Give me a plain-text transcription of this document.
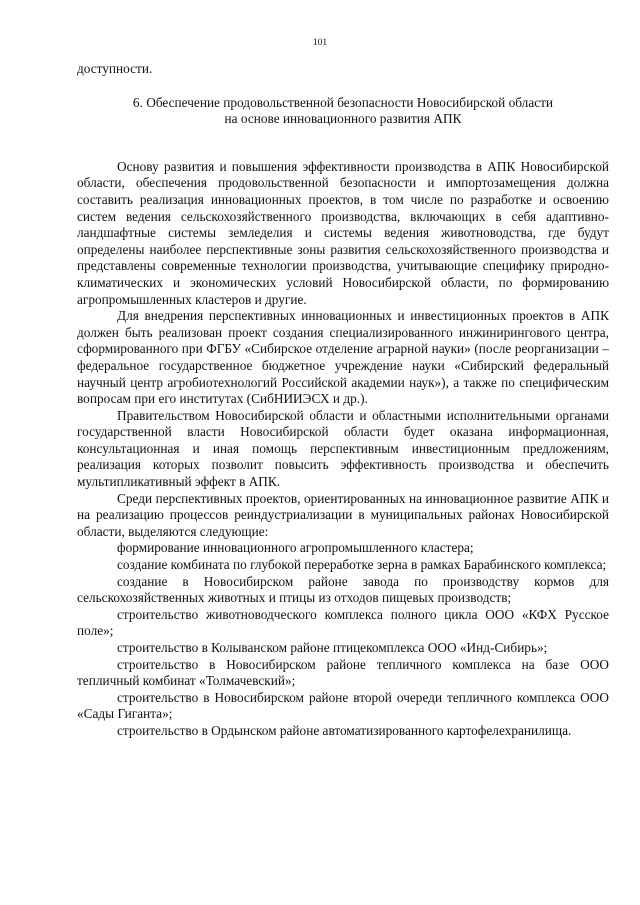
101

доступности.

6. Обеспечение продовольственной безопасности Новосибирской области
на основе инновационного развития АПК

Основу развития и повышения эффективности производства в АПК Новосибирской области, обеспечения продовольственной безопасности и импортозамещения должна составить реализация инновационных проектов, в том числе по разработке и освоению систем ведения сельскохозяйственного производства, включающих в себя адаптивно-ландшафтные системы земледелия и системы ведения животноводства, где будут определены наиболее перспективные зоны развития сельскохозяйственного производства и представлены современные технологии производства, учитывающие специфику природно-климатических и экономических условий Новосибирской области, по формированию агропромышленных кластеров и другие.

Для внедрения перспективных инновационных и инвестиционных проектов в АПК должен быть реализован проект создания специализированного инжинирингового центра, сформированного при ФГБУ «Сибирское отделение аграрной науки» (после реорганизации – федеральное государственное бюджетное учреждение науки «Сибирский федеральный научный центр агробиотехнологий Российской академии наук»), а также по специфическим вопросам при его институтах (СибНИИЭСХ и др.).

Правительством Новосибирской области и областными исполнительными органами государственной власти Новосибирской области будет оказана информационная, консультационная и иная помощь перспективным инвестиционным предложениям, реализация которых позволит повысить эффективность производства и обеспечить мультипликативный эффект в АПК.

Среди перспективных проектов, ориентированных на инновационное развитие АПК и на реализацию процессов реиндустриализации в муниципальных районах Новосибирской области, выделяются следующие:

формирование инновационного агропромышленного кластера;

создание комбината по глубокой переработке зерна в рамках Барабинского комплекса;

создание в Новосибирском районе завода по производству кормов для сельскохозяйственных животных и птицы из отходов пищевых производств;

строительство животноводческого комплекса полного цикла ООО «КФХ Русское поле»;

строительство в Колыванском районе птицекомплекса ООО «Инд-Сибирь»;

строительство в Новосибирском районе тепличного комплекса на базе ООО тепличный комбинат «Толмачевский»;

строительство в Новосибирском районе второй очереди тепличного комплекса ООО «Сады Гиганта»;

строительство в Ордынском районе автоматизированного картофелехранилища.
